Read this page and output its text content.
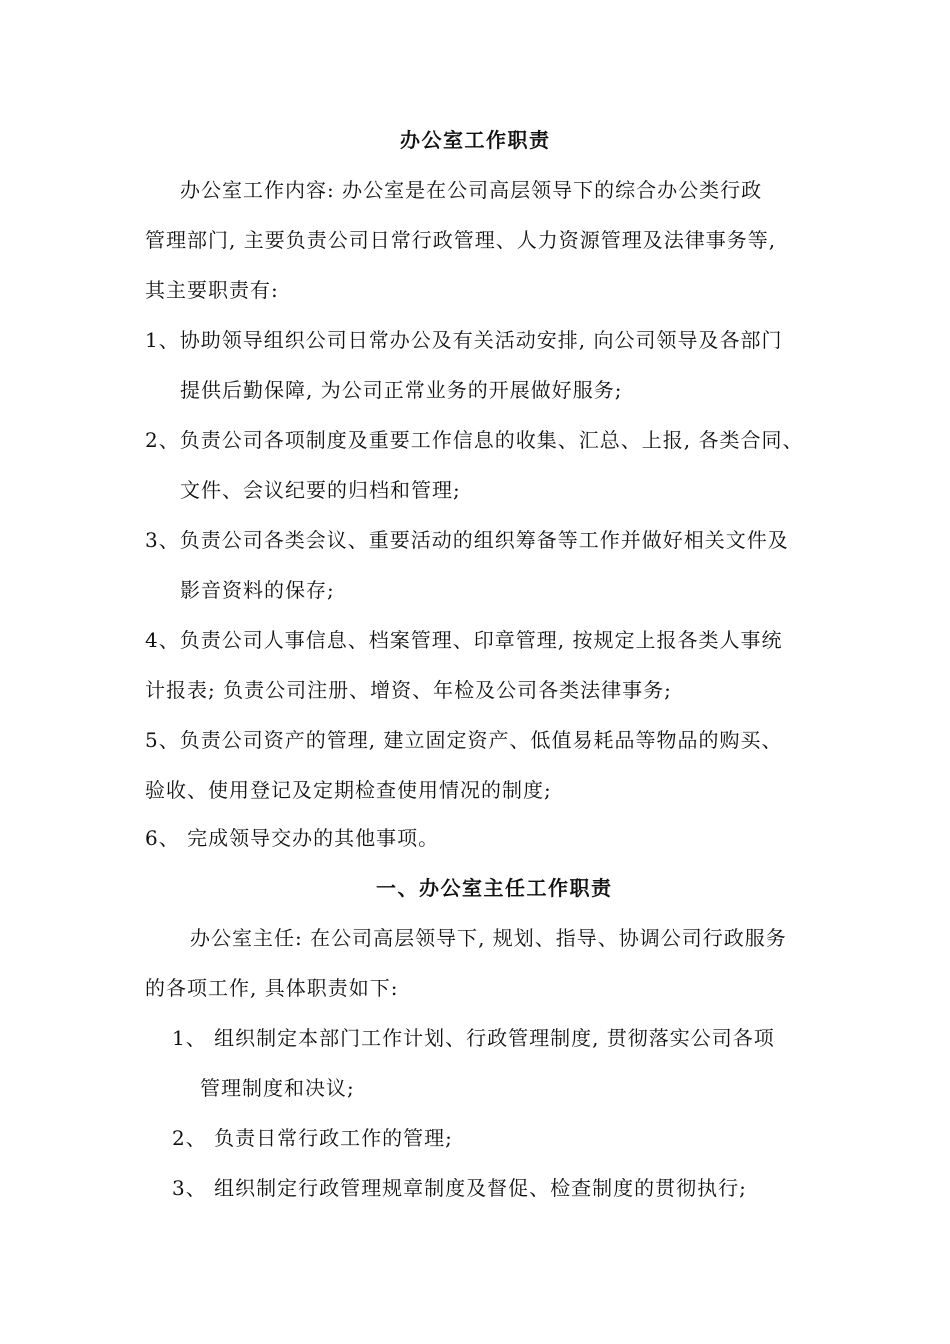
办公室工作职责
办公室工作内容: 办公室是在公司高层领导下的综合办公类行政
管理部门, 主要负责公司日常行政管理、人力资源管理及法律事务等,
其主要职责有:
1、协助领导组织公司日常办公及有关活动安排, 向公司领导及各部门
提供后勤保障, 为公司正常业务的开展做好服务;
2、负责公司各项制度及重要工作信息的收集、汇总、上报, 各类合同、
文件、会议纪要的归档和管理;
3、负责公司各类会议、重要活动的组织筹备等工作并做好相关文件及
影音资料的保存;
4、负责公司人事信息、档案管理、印章管理, 按规定上报各类人事统
计报表; 负责公司注册、增资、年检及公司各类法律事务;
5、负责公司资产的管理, 建立固定资产、低值易耗品等物品的购买、
验收、使用登记及定期检查使用情况的制度;
6、 完成领导交办的其他事项。
一、办公室主任工作职责
办公室主任: 在公司高层领导下, 规划、指导、协调公司行政服务
的各项工作, 具体职责如下:
1、 组织制定本部门工作计划、行政管理制度, 贯彻落实公司各项
管理制度和决议;
2、 负责日常行政工作的管理;
3、 组织制定行政管理规章制度及督促、检查制度的贯彻执行;
